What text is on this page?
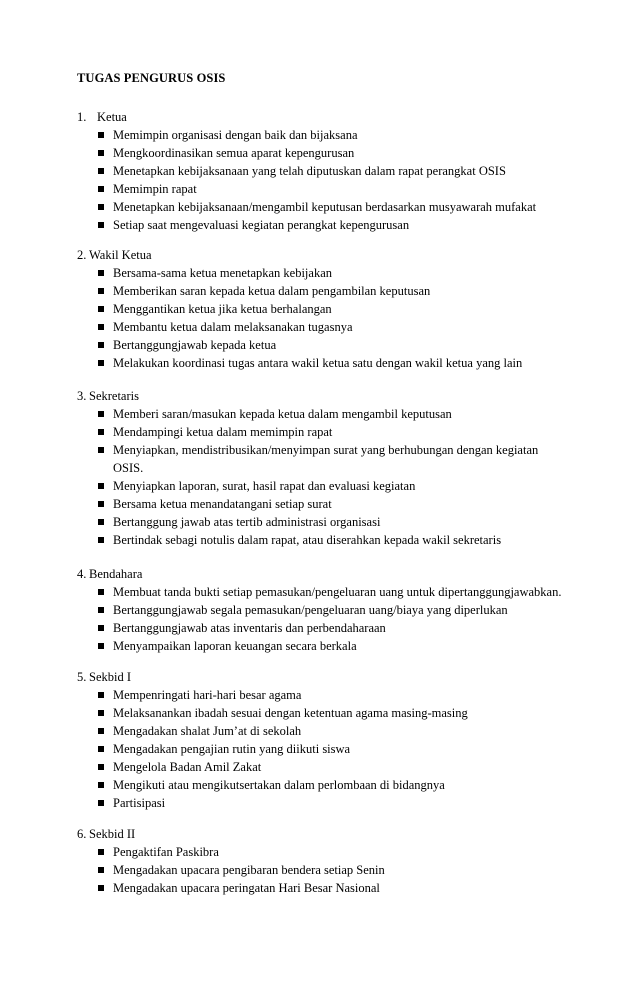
TUGAS PENGURUS OSIS
1. Ketua
Memimpin organisasi dengan baik dan bijaksana
Mengkoordinasikan semua aparat kepengurusan
Menetapkan kebijaksanaan yang telah diputuskan dalam rapat perangkat OSIS
Memimpin rapat
Menetapkan kebijaksanaan/mengambil keputusan berdasarkan musyawarah mufakat
Setiap saat mengevaluasi kegiatan perangkat kepengurusan
2. Wakil Ketua
Bersama-sama ketua menetapkan kebijakan
Memberikan saran kepada ketua dalam pengambilan keputusan
Menggantikan ketua jika ketua berhalangan
Membantu ketua dalam melaksanakan tugasnya
Bertanggungjawab kepada ketua
Melakukan koordinasi tugas antara wakil ketua satu dengan wakil ketua yang lain
3. Sekretaris
Memberi saran/masukan kepada ketua dalam mengambil keputusan
Mendampingi ketua dalam memimpin rapat
Menyiapkan, mendistribusikan/menyimpan surat yang berhubungan dengan kegiatan OSIS.
Menyiapkan laporan, surat, hasil rapat dan evaluasi kegiatan
Bersama ketua menandatangani setiap surat
Bertanggung jawab atas tertib administrasi organisasi
Bertindak sebagi notulis dalam rapat, atau diserahkan kepada wakil sekretaris
4. Bendahara
Membuat tanda bukti setiap pemasukan/pengeluaran uang untuk dipertanggungjawabkan.
Bertanggungjawab segala pemasukan/pengeluaran uang/biaya yang diperlukan
Bertanggungjawab atas inventaris dan perbendaharaan
Menyampaikan laporan keuangan secara berkala
5. Sekbid I
Mempenringati hari-hari besar agama
Melaksanankan ibadah sesuai dengan ketentuan agama masing-masing
Mengadakan shalat Jum’at di sekolah
Mengadakan pengajian rutin yang diikuti siswa
Mengelola Badan Amil Zakat
Mengikuti atau mengikutsertakan dalam perlombaan di bidangnya
Partisipasi
6. Sekbid II
Pengaktifan Paskibra
Mengadakan upacara pengibaran bendera setiap Senin
Mengadakan upacara peringatan Hari Besar Nasional
